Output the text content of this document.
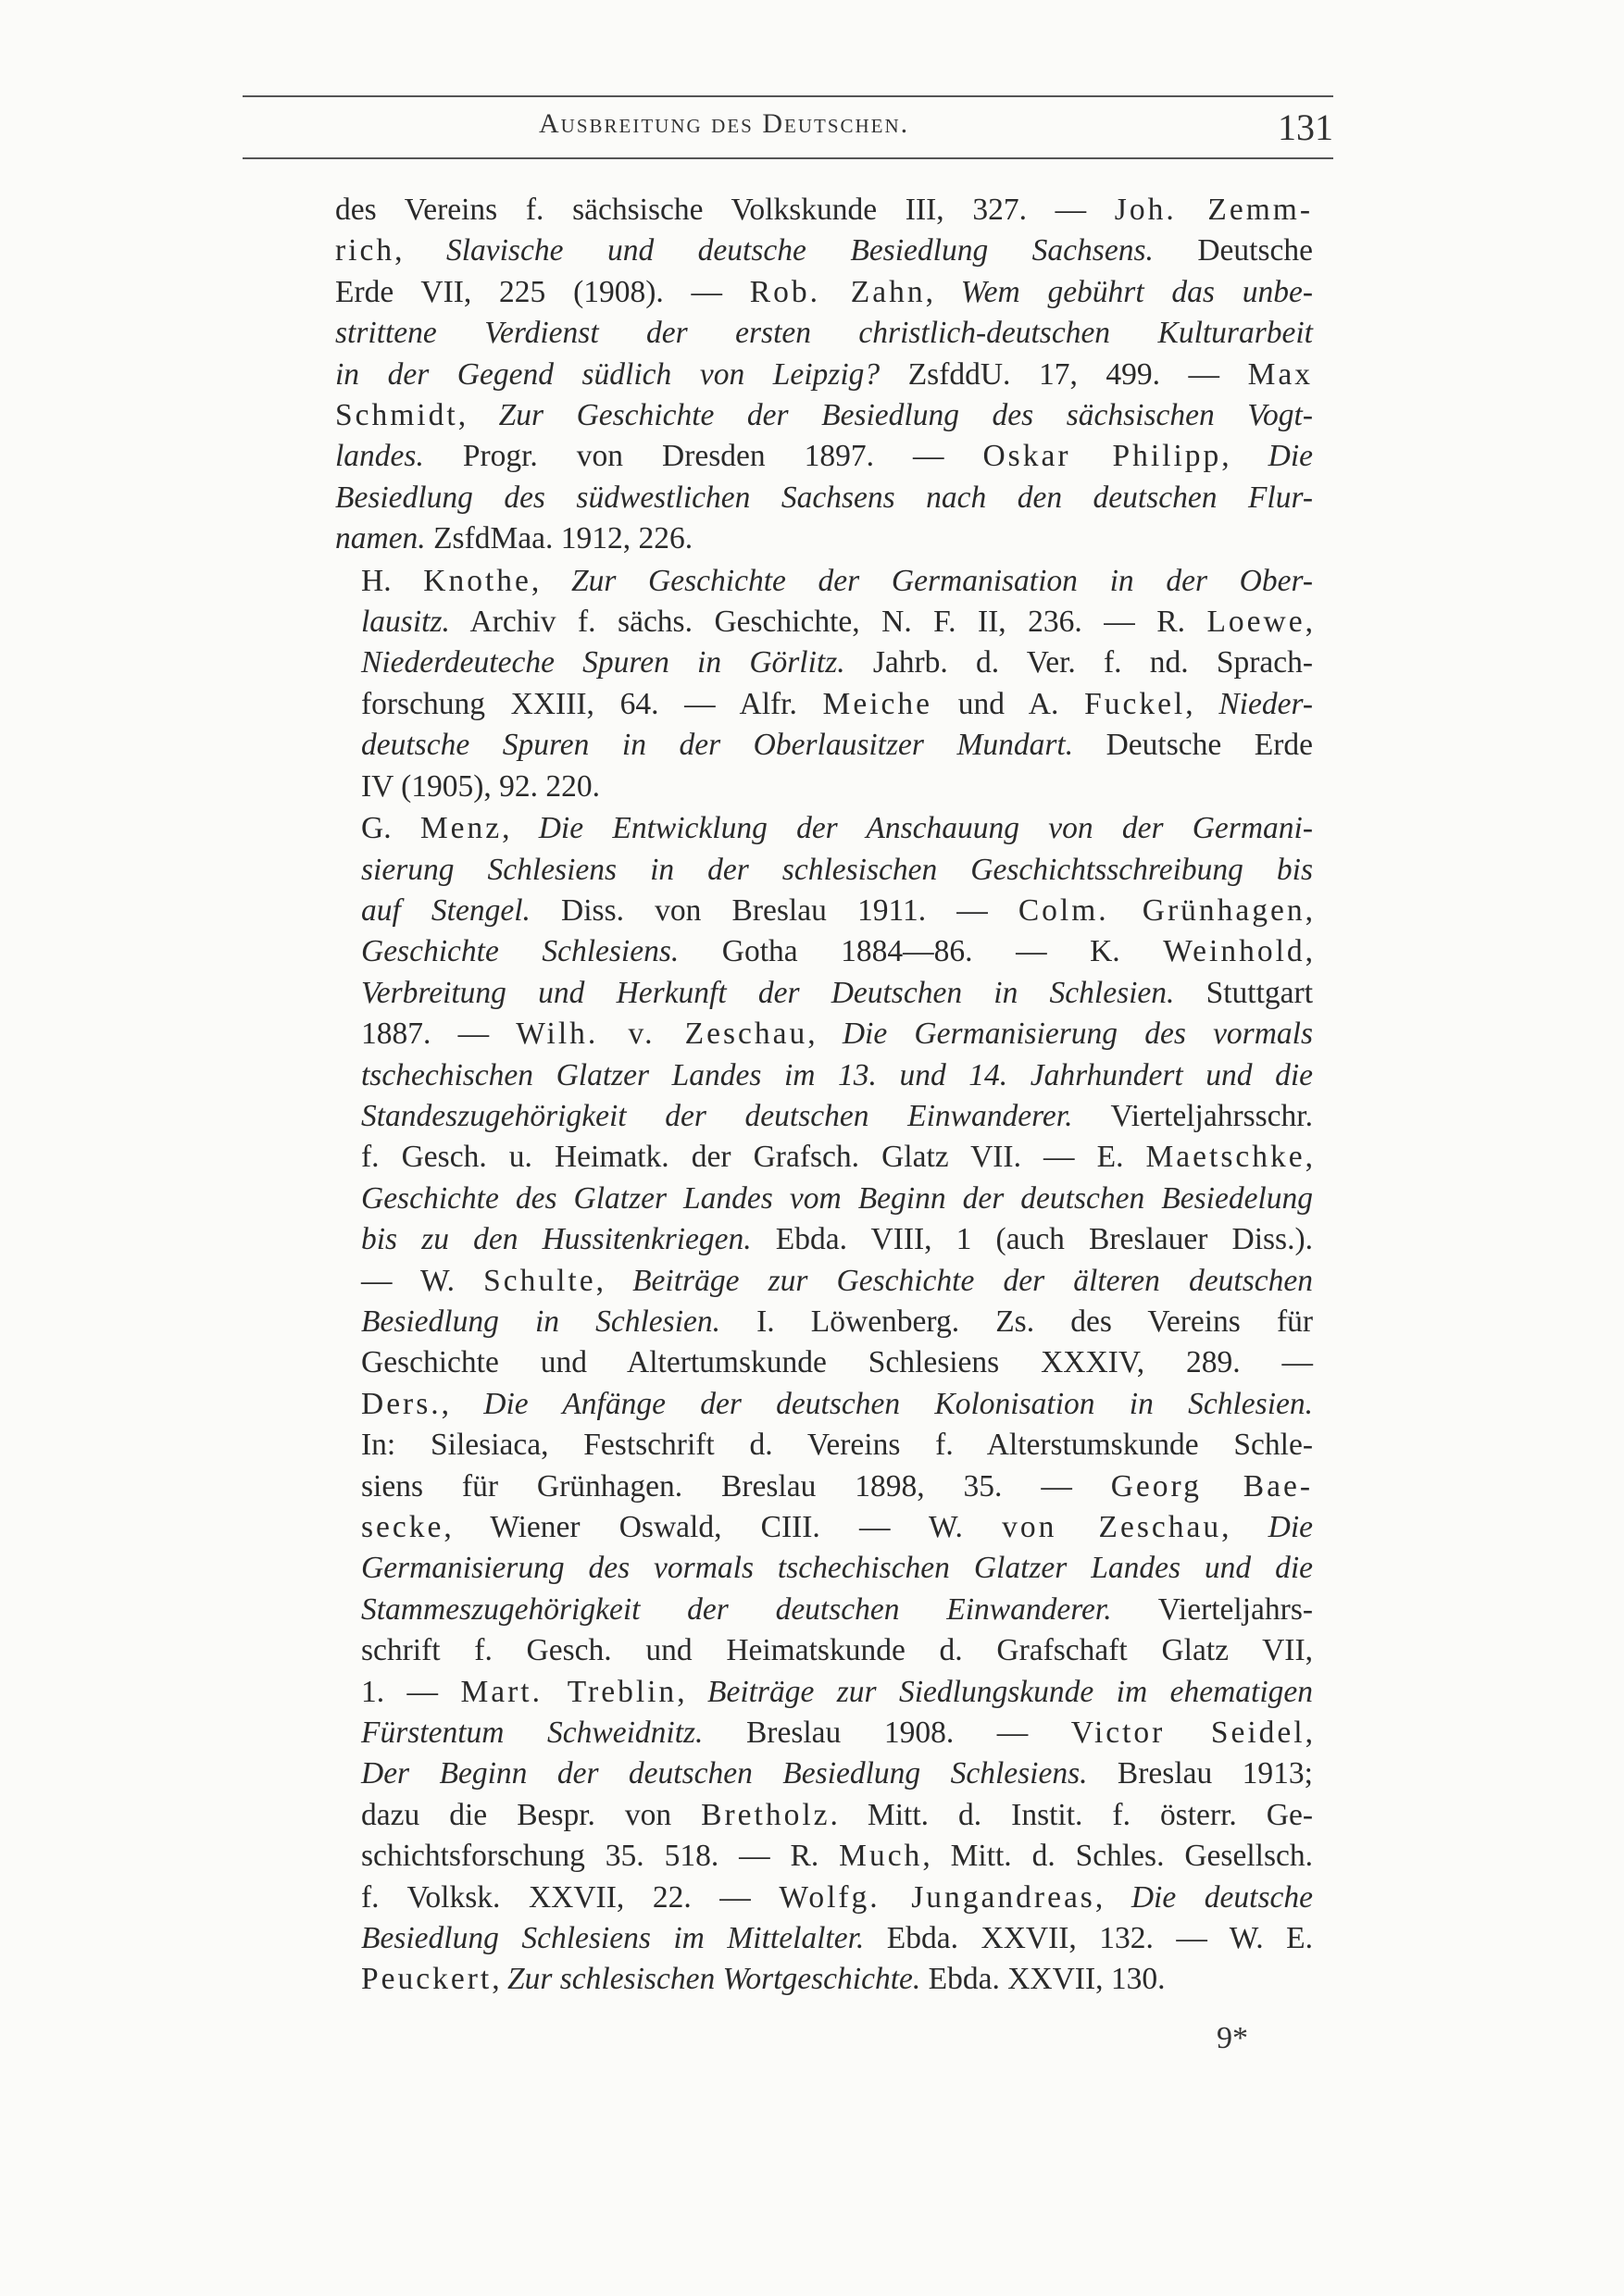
Ausbreitung des Deutschen.	131

des Vereins f. sächsische Volkskunde III, 327. — Joh. Zemm-
rich, Slavische und deutsche Besiedlung Sachsens. Deutsche
Erde VII, 225 (1908). — Rob. Zahn, Wem gebührt das unbe-
strittene Verdienst der ersten christlich-deutschen Kulturarbeit
in der Gegend südlich von Leipzig? ZsfddU. 17, 499. — Max
Schmidt, Zur Geschichte der Besiedlung des sächsischen Vogt-
landes. Progr. von Dresden 1897. — Oskar Philipp, Die
Besiedlung des südwestlichen Sachsens nach den deutschen Flur-
namen. ZsfdMaa. 1912, 226.

H. Knothe, Zur Geschichte der Germanisation in der Ober-
lausitz. Archiv f. sächs. Geschichte, N. F. II, 236. — R. Loewe,
Niederdeuteche Spuren in Görlitz. Jahrb. d. Ver. f. nd. Sprach-
forschung XXIII, 64. — Alfr. Meiche und A. Fuckel, Nieder-
deutsche Spuren in der Oberlausitzer Mundart. Deutsche Erde
IV (1905), 92. 220.

G. Menz, Die Entwicklung der Anschauung von der Germani-
sierung Schlesiens in der schlesischen Geschichtsschreibung bis
auf Stengel. Diss. von Breslau 1911. — Colm. Grünhagen,
Geschichte Schlesiens. Gotha 1884—86. — K. Weinhold,
Verbreitung und Herkunft der Deutschen in Schlesien. Stuttgart
1887. — Wilh. v. Zeschau, Die Germanisierung des vormals
tschechischen Glatzer Landes im 13. und 14. Jahrhundert und die
Standeszugehörigkeit der deutschen Einwanderer. Vierteljahrsschr.
f. Gesch. u. Heimatk. der Grafsch. Glatz VII. — E. Maetschke,
Geschichte des Glatzer Landes vom Beginn der deutschen Besiedelung
bis zu den Hussitenkriegen. Ebda. VIII, 1 (auch Breslauer Diss.).
— W. Schulte, Beiträge zur Geschichte der älteren deutschen
Besiedlung in Schlesien. I. Löwenberg. Zs. des Vereins für
Geschichte und Altertumskunde Schlesiens XXXIV, 289. —
Ders., Die Anfänge der deutschen Kolonisation in Schlesien.
In: Silesiaca, Festschrift d. Vereins f. Alterstumskunde Schle-
siens für Grünhagen. Breslau 1898, 35. — Georg Bae-
secke, Wiener Oswald, CIII. — W. von Zeschau, Die
Germanisierung des vormals tschechischen Glatzer Landes und die
Stammeszugehörigkeit der deutschen Einwanderer. Vierteljahrs-
schrift f. Gesch. und Heimatskunde d. Grafschaft Glatz VII,
1. — Mart. Treblin, Beiträge zur Siedlungskunde im ehematigen
Fürstentum Schweidnitz. Breslau 1908. — Victor Seidel,
Der Beginn der deutschen Besiedlung Schlesiens. Breslau 1913;
dazu die Bespr. von Bretholz. Mitt. d. Instit. f. österr. Ge-
schichtsforschung 35. 518. — R. Much, Mitt. d. Schles. Gesellsch.
f. Volksk. XXVII, 22. — Wolfg. Jungandreas, Die deutsche
Besiedlung Schlesiens im Mittelalter. Ebda. XXVII, 132. — W. E.
Peuckert, Zur schlesischen Wortgeschichte. Ebda. XXVII, 130.

9*
